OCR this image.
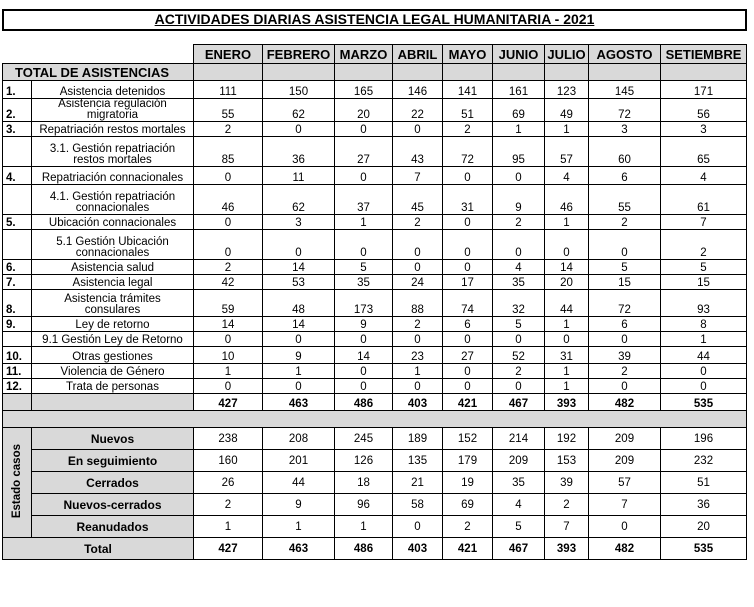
ACTIVIDADES DIARIAS ASISTENCIA LEGAL HUMANITARIA - 2021
		ENERO	FEBRERO	MARZO	ABRIL	MAYO	JUNIO	JULIO	AGOSTO	SETIEMBRE
TOTAL DE ASISTENCIAS										
1.	Asistencia detenidos	111	150	165	146	141	161	123	145	171
2.	Asistencia regulación
migratoria	55	62	20	22	51	69	49	72	56
3.	Repatriación restos mortales	2	0	0	0	2	1	1	3	3

	3.1. Gestión repatriación
restos mortales	85	36	27	43	72	95	57	60	65
4.	Repatriación connacionales	0	11	0	7	0	0	4	6	4

	4.1. Gestión repatriación
connacionales	46	62	37	45	31	9	46	55	61
5.	Ubicación connacionales	0	3	1	2	0	2	1	2	7

	5.1 Gestión Ubicación
connacionales	0	0	0	0	0	0	0	0	2
6.	Asistencia salud	2	14	5	0	0	4	14	5	5
7.	Asistencia legal	42	53	35	24	17	35	20	15	15
8.	Asistencia trámites
consulares	59	48	173	88	74	32	44	72	93
9.	Ley de retorno	14	14	9	2	6	5	1	6	8

	9.1 Gestión Ley de Retorno	0	0	0	0	0	0	0	0	1
10.	Otras gestiones	10	9	14	23	27	52	31	39	44
11.	Violencia de Género	1	1	0	1	0	2	1	2	0
12.	Trata de personas	0	0	0	0	0	0	1	0	0
		427	463	486	403	421	467	393	482	535

Estado casos	Nuevos	238	208	245	189	152	214	192	209	196
	En seguimiento	160	201	126	135	179	209	153	209	232
	Cerrados	26	44	18	21	19	35	39	57	51
	Nuevos-cerrados	2	9	96	58	69	4	2	7	36
	Reanudados	1	1	1	0	2	5	7	0	20
Total		427	463	486	403	421	467	393	482	535
